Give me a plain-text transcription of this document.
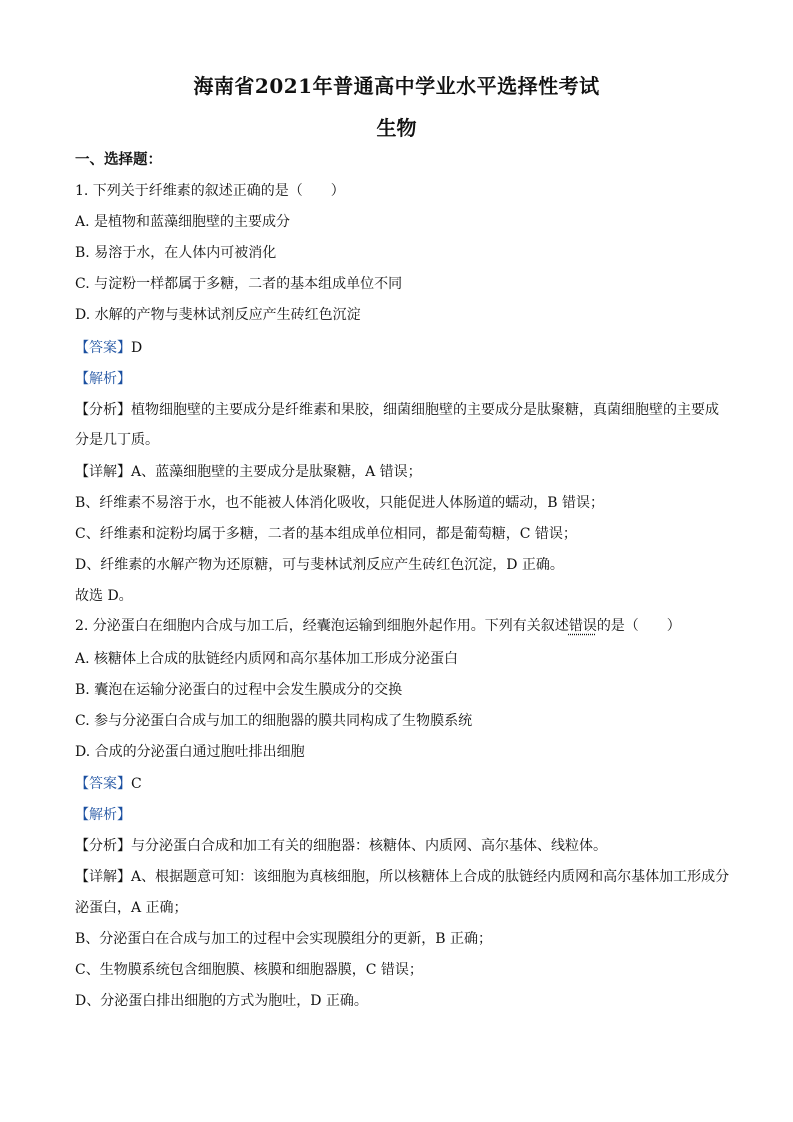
海南省2021年普通高中学业水平选择性考试
生物
一、选择题：
1. 下列关于纤维素的叙述正确的是（　　）
A. 是植物和蓝藻细胞壁的主要成分
B. 易溶于水，在人体内可被消化
C. 与淀粉一样都属于多糖，二者的基本组成单位不同
D. 水解的产物与斐林试剂反应产生砖红色沉淀
【答案】D
【解析】
【分析】植物细胞壁的主要成分是纤维素和果胶，细菌细胞壁的主要成分是肽聚糖，真菌细胞壁的主要成
分是几丁质。
【详解】A、蓝藻细胞壁的主要成分是肽聚糖，A 错误；
B、纤维素不易溶于水，也不能被人体消化吸收，只能促进人体肠道的蠕动，B 错误；
C、纤维素和淀粉均属于多糖，二者的基本组成单位相同，都是葡萄糖，C 错误；
D、纤维素的水解产物为还原糖，可与斐林试剂反应产生砖红色沉淀，D 正确。
故选 D。
2. 分泌蛋白在细胞内合成与加工后，经囊泡运输到细胞外起作用。下列有关叙述错误的是（　　）
A. 核糖体上合成的肽链经内质网和高尔基体加工形成分泌蛋白
B. 囊泡在运输分泌蛋白的过程中会发生膜成分的交换
C. 参与分泌蛋白合成与加工的细胞器的膜共同构成了生物膜系统
D. 合成的分泌蛋白通过胞吐排出细胞
【答案】C
【解析】
【分析】与分泌蛋白合成和加工有关的细胞器：核糖体、内质网、高尔基体、线粒体。
【详解】A、根据题意可知：该细胞为真核细胞，所以核糖体上合成的肽链经内质网和高尔基体加工形成分
泌蛋白，A 正确；
B、分泌蛋白在合成与加工的过程中会实现膜组分的更新，B 正确；
C、生物膜系统包含细胞膜、核膜和细胞器膜，C 错误；
D、分泌蛋白排出细胞的方式为胞吐，D 正确。
